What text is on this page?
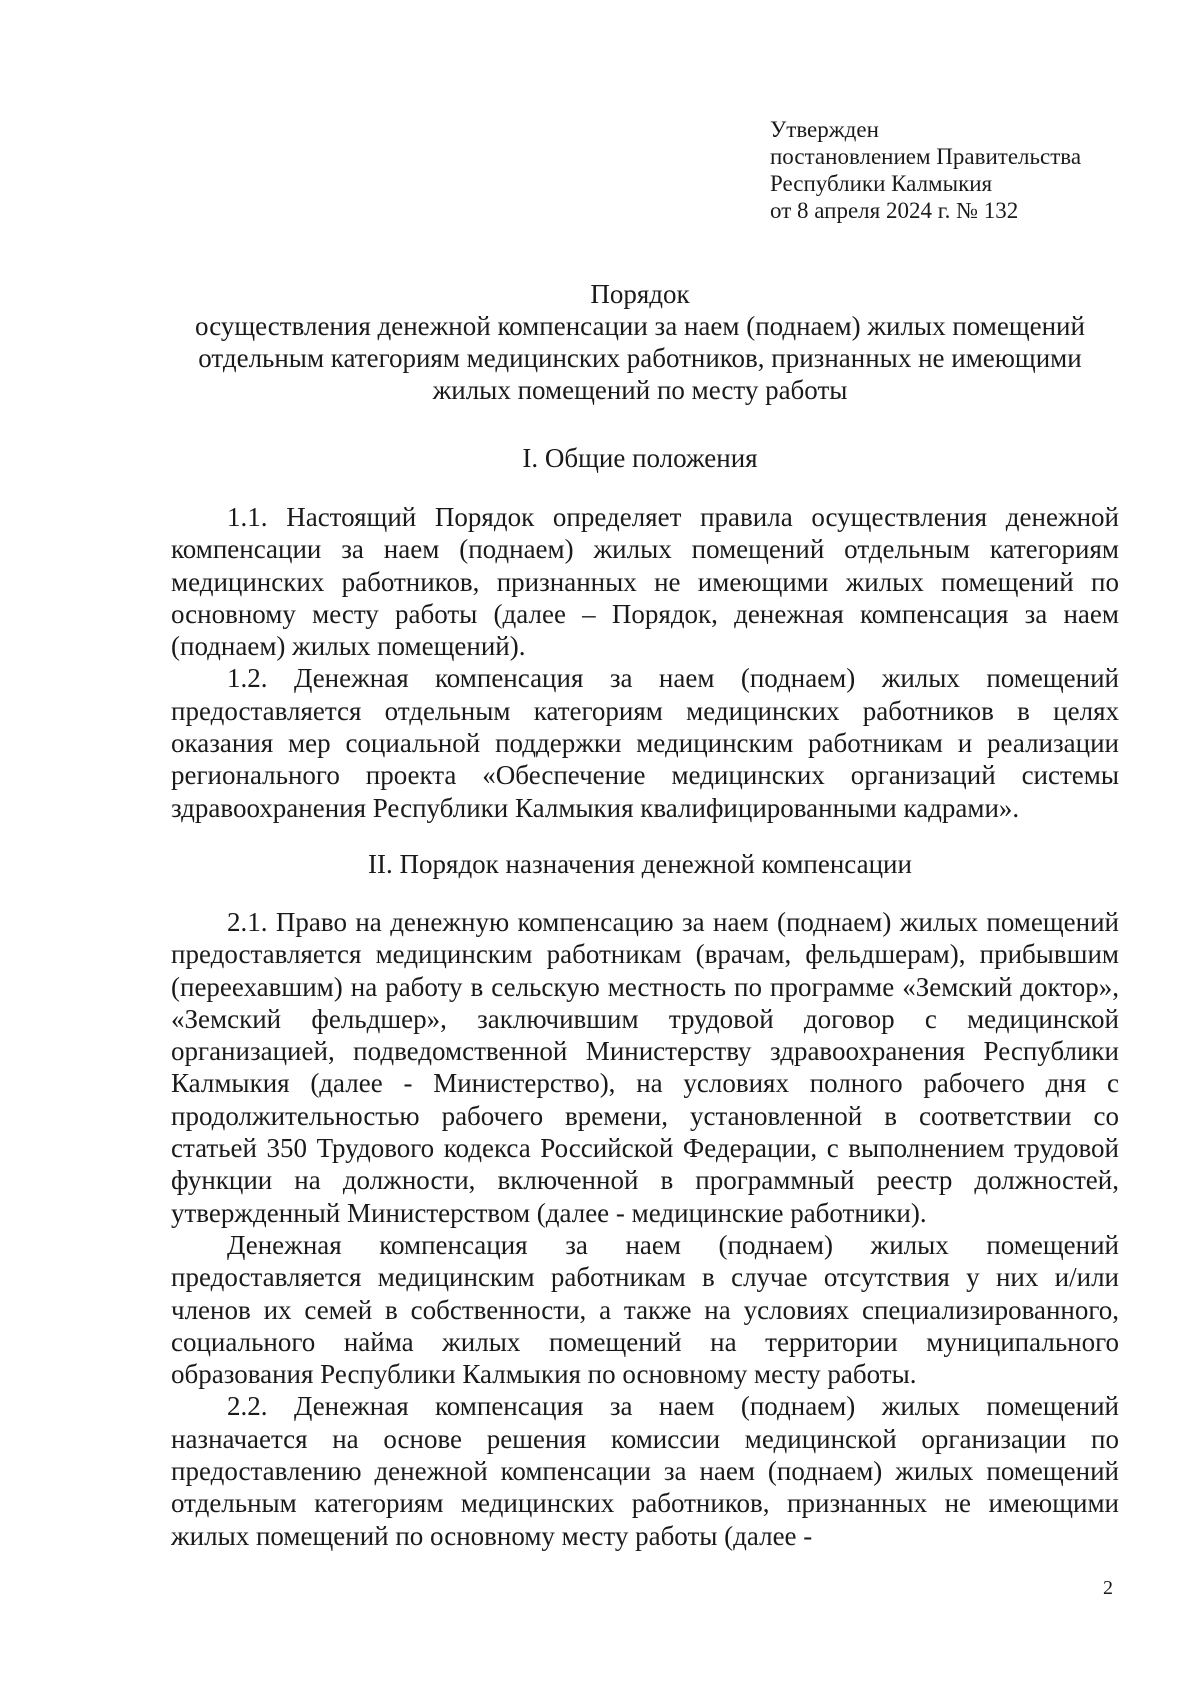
Утвержден
постановлением Правительства
Республики Калмыкия
от 8 апреля 2024 г. № 132
Порядок
осуществления денежной компенсации за наем (поднаем) жилых помещений
отдельным категориям медицинских работников, признанных не имеющими
жилых помещений по месту работы
I. Общие положения

1.1. Настоящий Порядок определяет правила осуществления денежной компенсации за наем (поднаем) жилых помещений отдельным категориям медицинских работников, признанных не имеющими жилых помещений по основному месту работы (далее – Порядок, денежная компенсация за наем (поднаем) жилых помещений).

1.2. Денежная компенсация за наем (поднаем) жилых помещений предоставляется отдельным категориям медицинских работников в целях оказания мер социальной поддержки медицинским работникам и реализации регионального проекта «Обеспечение медицинских организаций системы здравоохранения Республики Калмыкия квалифицированными кадрами».

II. Порядок назначения денежной компенсации

2.1. Право на денежную компенсацию за наем (поднаем) жилых помещений предоставляется медицинским работникам (врачам, фельдшерам), прибывшим (переехавшим) на работу в сельскую местность по программе «Земский доктор», «Земский фельдшер», заключившим трудовой договор с медицинской организацией, подведомственной Министерству здравоохранения Республики Калмыкия (далее - Министерство), на условиях полного рабочего дня с продолжительностью рабочего времени, установленной в соответствии со статьей 350 Трудового кодекса Российской Федерации, с выполнением трудовой функции на должности, включенной в программный реестр должностей, утвержденный Министерством (далее - медицинские работники).

Денежная компенсация за наем (поднаем) жилых помещений предоставляется медицинским работникам в случае отсутствия у них и/или членов их семей в собственности, а также на условиях специализированного, социального найма жилых помещений на территории муниципального образования Республики Калмыкия по основному месту работы.

2.2. Денежная компенсация за наем (поднаем) жилых помещений назначается на основе решения комиссии медицинской организации по предоставлению денежной компенсации за наем (поднаем) жилых помещений отдельным категориям медицинских работников, признанных не имеющими жилых помещений по основному месту работы (далее -

2
